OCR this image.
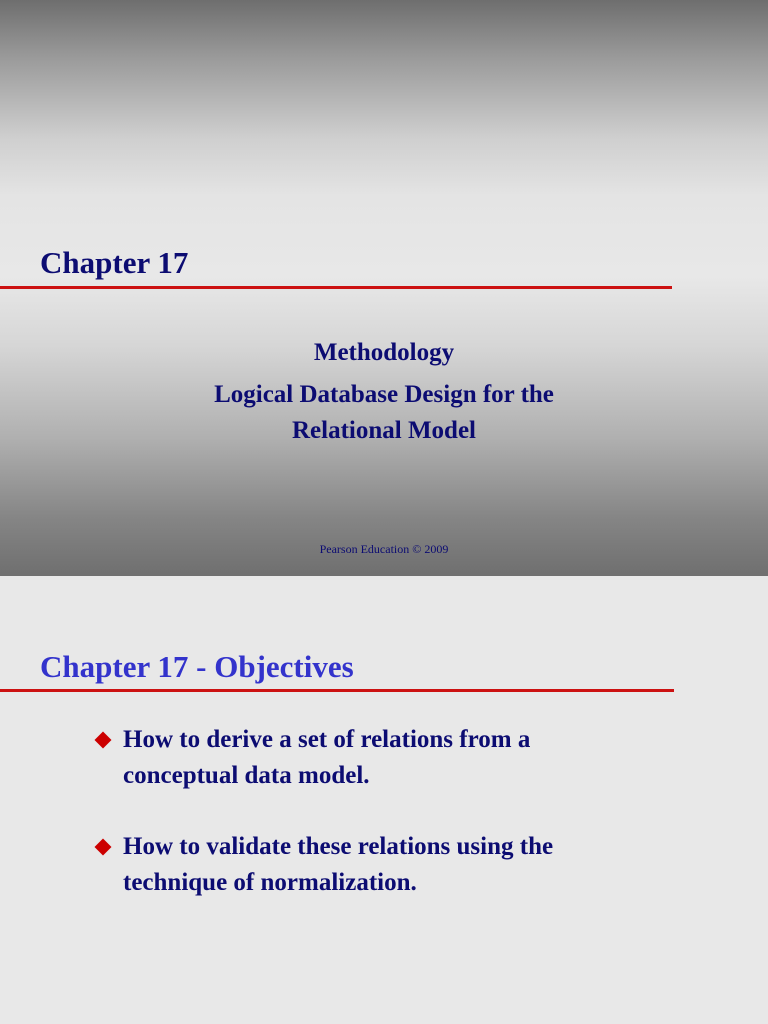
Chapter 17
Methodology
Logical Database Design for the
Relational Model
Pearson Education © 2009
Chapter 17 - Objectives
How to derive a set of relations from a
conceptual data model.
How to validate these relations using the
technique of normalization.
